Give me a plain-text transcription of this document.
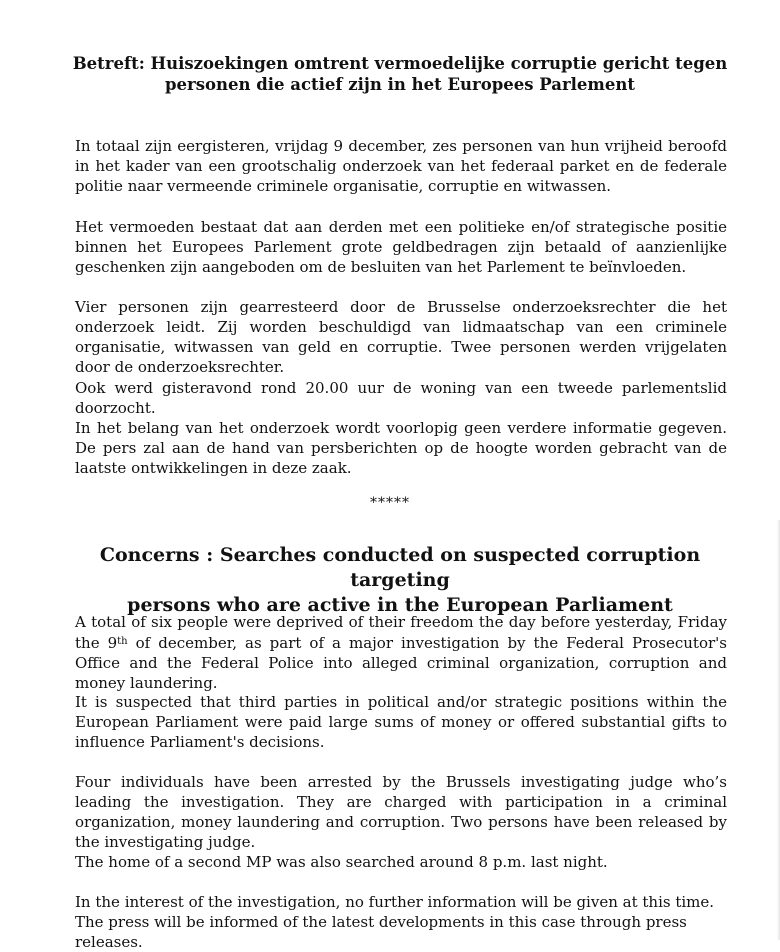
Betreft: Huiszoekingen omtrent vermoedelijke corruptie gericht tegen
personen die actief zijn in het Europees Parlement

In totaal zijn eergisteren, vrijdag 9 december, zes personen van hun vrijheid beroofd in het kader van een grootschalig onderzoek van het federaal parket en de federale politie naar vermeende criminele organisatie, corruptie en witwassen.

Het vermoeden bestaat dat aan derden met een politieke en/of strategische positie binnen het Europees Parlement grote geldbedragen zijn betaald of aanzienlijke geschenken zijn aangeboden om de besluiten van het Parlement te beïnvloeden.

Vier personen zijn gearresteerd door de Brusselse onderzoeksrechter die het onderzoek leidt. Zij worden beschuldigd van lidmaatschap van een criminele organisatie, witwassen van geld en corruptie. Twee personen werden vrijgelaten door de onderzoeksrechter.

Ook werd gisteravond rond 20.00 uur de woning van een tweede parlementslid doorzocht.

In het belang van het onderzoek wordt voorlopig geen verdere informatie gegeven. De pers zal aan de hand van persberichten op de hoogte worden gebracht van de laatste ontwikkelingen in deze zaak.

*****
Concerns : Searches conducted on suspected corruption targeting
persons who are active in the European Parliament

A total of six people were deprived of their freedom the day before yesterday, Friday the 9th of december, as part of a major investigation by the Federal Prosecutor's Office and the Federal Police into alleged criminal organization, corruption and money laundering.

It is suspected that third parties in political and/or strategic positions within the European Parliament were paid large sums of money or offered substantial gifts to influence Parliament's decisions.

Four individuals have been arrested by the Brussels investigating judge who’s leading the investigation. They are charged with participation in a criminal organization, money laundering and corruption. Two persons have been released by the investigating judge.

The home of a second MP was also searched around 8 p.m. last night.

In the interest of the investigation, no further information will be given at this time.
The press will be informed of the latest developments in this case through press releases.
